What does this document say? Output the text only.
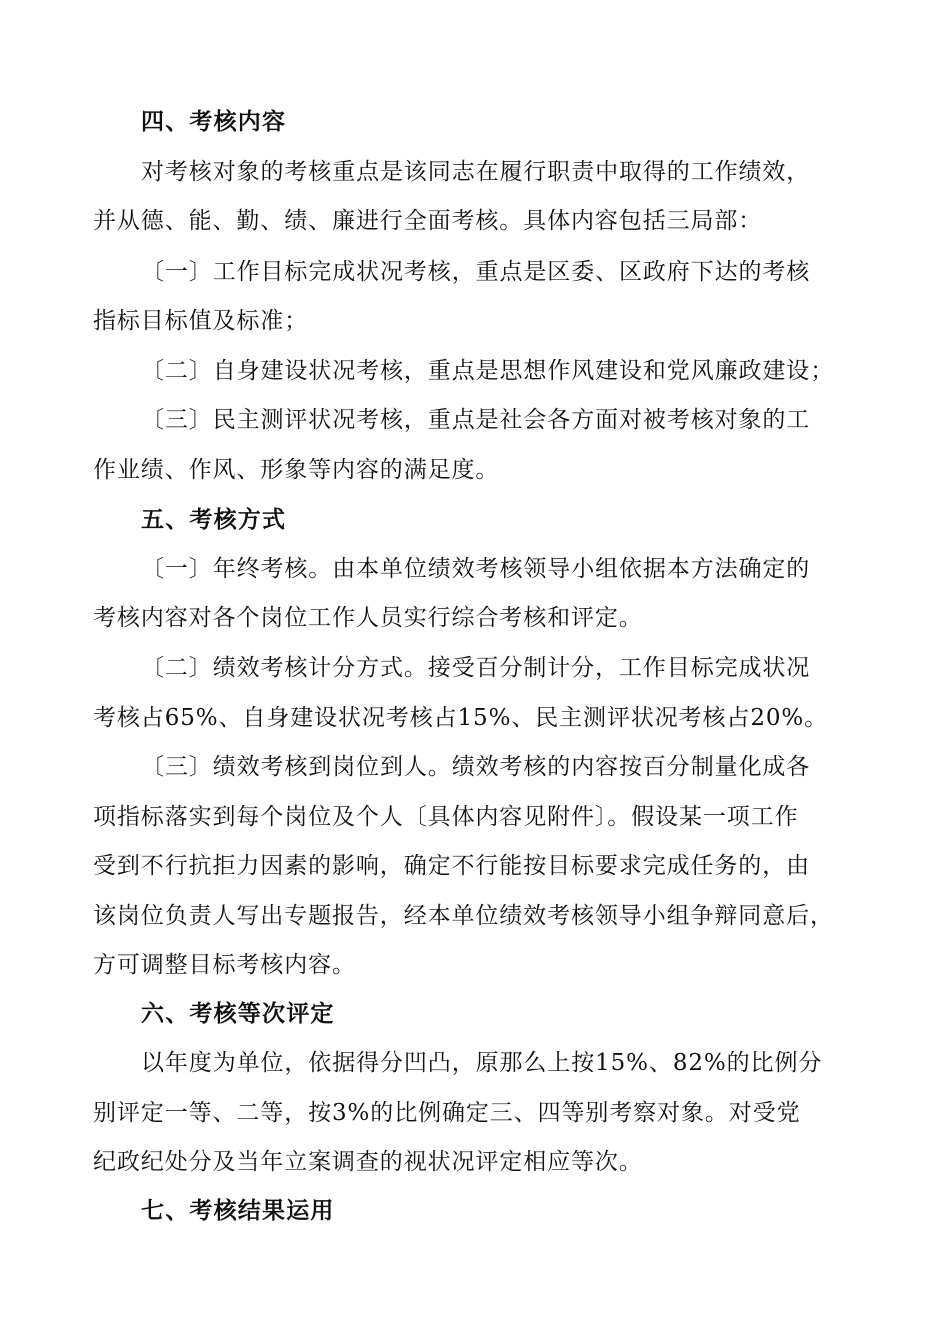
四、考核内容
对考核对象的考核重点是该同志在履行职责中取得的工作绩效，
并从德、能、勤、绩、廉进行全面考核。具体内容包括三局部：
〔一〕工作目标完成状况考核，重点是区委、区政府下达的考核
指标目标值及标准；
〔二〕自身建设状况考核，重点是思想作风建设和党风廉政建设；
〔三〕民主测评状况考核，重点是社会各方面对被考核对象的工
作业绩、作风、形象等内容的满足度。
五、考核方式
〔一〕年终考核。由本单位绩效考核领导小组依据本方法确定的
考核内容对各个岗位工作人员实行综合考核和评定。
〔二〕绩效考核计分方式。接受百分制计分，工作目标完成状况
考核占65%、自身建设状况考核占15%、民主测评状况考核占20%。
〔三〕绩效考核到岗位到人。绩效考核的内容按百分制量化成各
项指标落实到每个岗位及个人〔具体内容见附件〕。假设某一项工作
受到不行抗拒力因素的影响，确定不行能按目标要求完成任务的，由
该岗位负责人写出专题报告，经本单位绩效考核领导小组争辩同意后，
方可调整目标考核内容。
六、考核等次评定
以年度为单位，依据得分凹凸，原那么上按15%、82%的比例分
别评定一等、二等，按3%的比例确定三、四等别考察对象。对受党
纪政纪处分及当年立案调查的视状况评定相应等次。
七、考核结果运用
